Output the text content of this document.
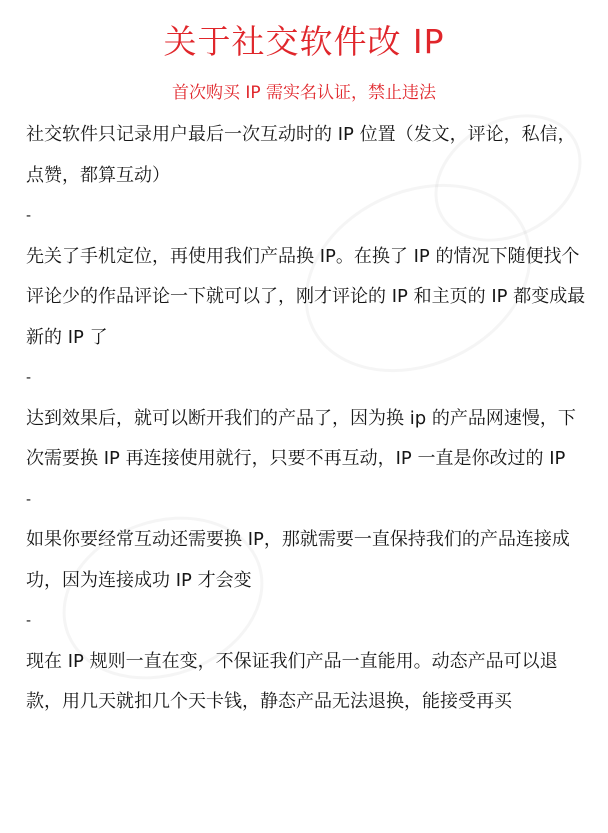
关于社交软件改 IP
首次购买 IP 需实名认证，禁止违法

社交软件只记录用户最后一次互动时的 IP 位置（发文，评论，私信，点赞，都算互动）

-

先关了手机定位，再使用我们产品换 IP。在换了 IP 的情况下随便找个评论少的作品评论一下就可以了，刚才评论的 IP 和主页的 IP 都变成最新的 IP 了

-

达到效果后，就可以断开我们的产品了，因为换 ip 的产品网速慢，下次需要换 IP 再连接使用就行，只要不再互动，IP 一直是你改过的 IP

-

如果你要经常互动还需要换 IP，那就需要一直保持我们的产品连接成功，因为连接成功 IP 才会变

-

现在 IP 规则一直在变，不保证我们产品一直能用。动态产品可以退款，用几天就扣几个天卡钱，静态产品无法退换，能接受再买
